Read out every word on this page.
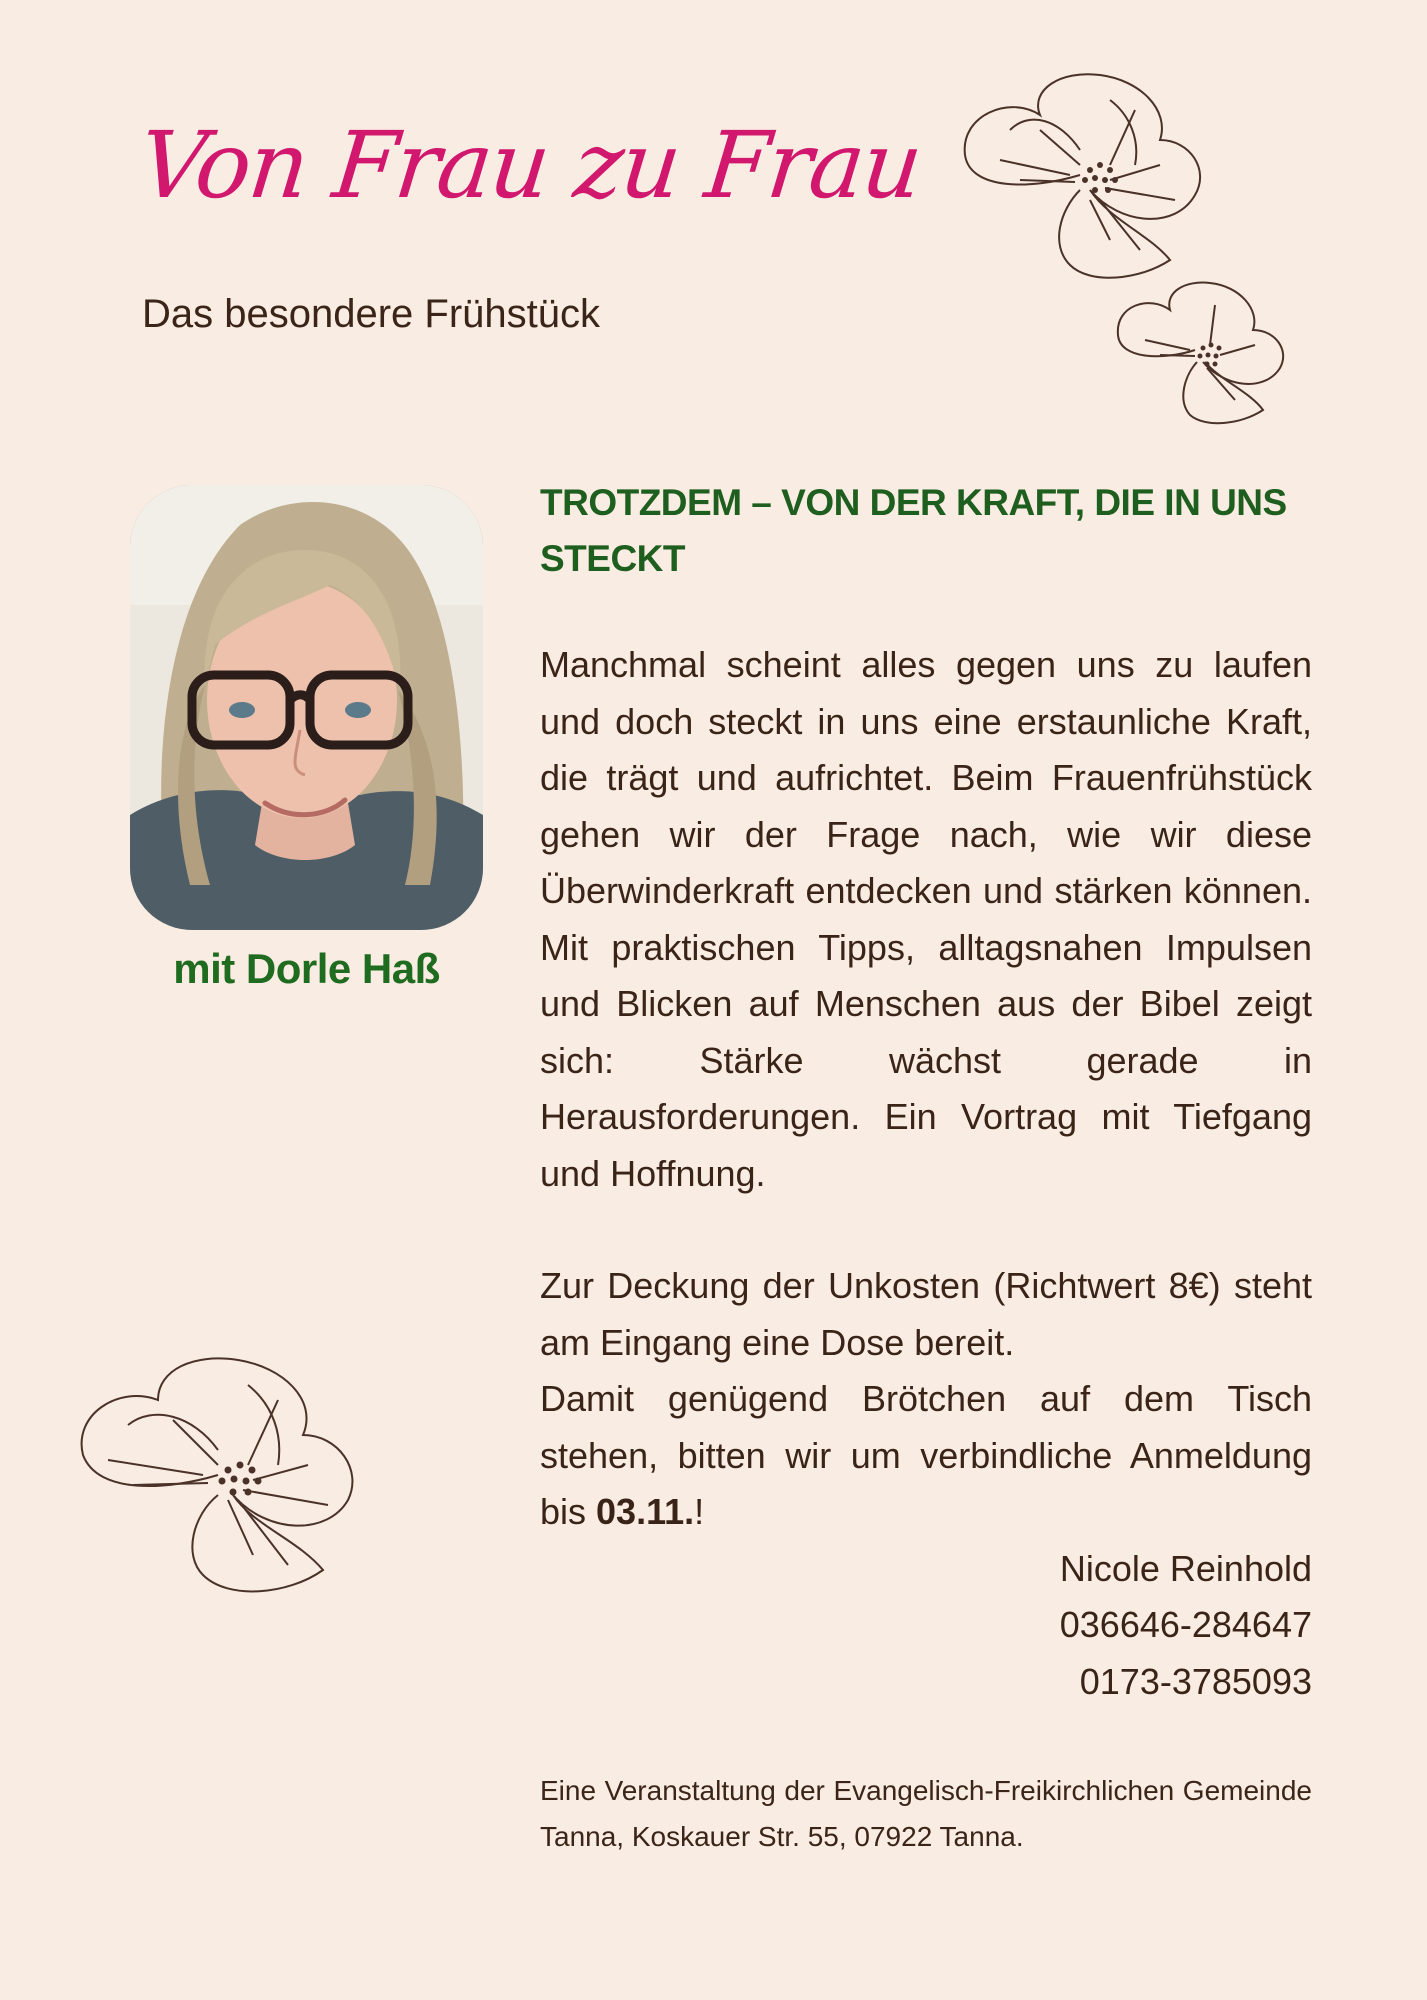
Von Frau zu Frau
Das besondere Frühstück
mit Dorle Haß
TROTZDEM – VON DER KRAFT, DIE IN UNS STECKT

Manchmal scheint alles gegen uns zu laufen und doch steckt in uns eine erstaunliche Kraft, die trägt und aufrichtet. Beim Frauenfrühstück gehen wir der Frage nach, wie wir diese Überwinderkraft entdecken und stärken können. Mit praktischen Tipps, alltagsnahen Impulsen und Blicken auf Menschen aus der Bibel zeigt sich: Stärke wächst gerade in Herausforderungen. Ein Vortrag mit Tiefgang und Hoffnung.

Zur Deckung der Unkosten (Richtwert 8€) steht am Eingang eine Dose bereit.

Damit genügend Brötchen auf dem Tisch stehen, bitten wir um verbindliche Anmeldung bis 03.11.!

Nicole Reinhold
036646-284647
0173-3785093
Eine Veranstaltung der Evangelisch-Freikirchlichen Gemeinde Tanna, Koskauer Str. 55, 07922 Tanna.
